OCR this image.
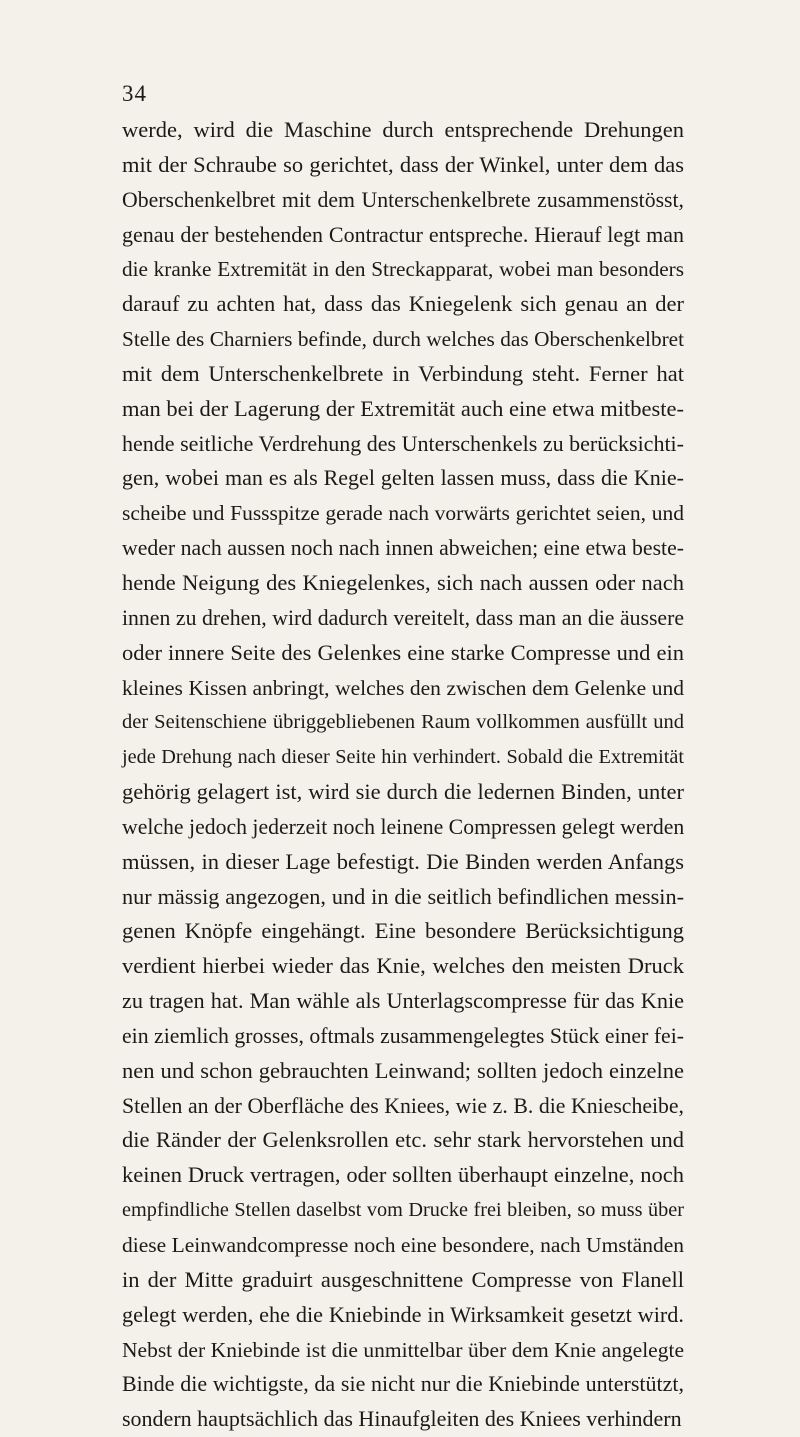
34
werde, wird die Maschine durch entsprechende Drehungen
mit der Schraube so gerichtet, dass der Winkel, unter dem das
Oberschenkelbret mit dem Unterschenkelbrete zusammenstösst,
genau der bestehenden Contractur entspreche. Hierauf legt man
die kranke Extremität in den Streckapparat, wobei man besonders
darauf zu achten hat, dass das Kniegelenk sich genau an der
Stelle des Charniers befinde, durch welches das Oberschenkelbret
mit dem Unterschenkelbrete in Verbindung steht. Ferner hat
man bei der Lagerung der Extremität auch eine etwa mitbeste-
hende seitliche Verdrehung des Unterschenkels zu berücksichti-
gen, wobei man es als Regel gelten lassen muss, dass die Knie-
scheibe und Fussspitze gerade nach vorwärts gerichtet seien, und
weder nach aussen noch nach innen abweichen; eine etwa beste-
hende Neigung des Kniegelenkes, sich nach aussen oder nach
innen zu drehen, wird dadurch vereitelt, dass man an die äussere
oder innere Seite des Gelenkes eine starke Compresse und ein
kleines Kissen anbringt, welches den zwischen dem Gelenke und
der Seitenschiene übriggebliebenen Raum vollkommen ausfüllt und
jede Drehung nach dieser Seite hin verhindert. Sobald die Extremität
gehörig gelagert ist, wird sie durch die ledernen Binden, unter
welche jedoch jederzeit noch leinene Compressen gelegt werden
müssen, in dieser Lage befestigt. Die Binden werden Anfangs
nur mässig angezogen, und in die seitlich befindlichen messin-
genen Knöpfe eingehängt. Eine besondere Berücksichtigung
verdient hierbei wieder das Knie, welches den meisten Druck
zu tragen hat. Man wähle als Unterlagscompresse für das Knie
ein ziemlich grosses, oftmals zusammengelegtes Stück einer fei-
nen und schon gebrauchten Leinwand; sollten jedoch einzelne
Stellen an der Oberfläche des Kniees, wie z. B. die Kniescheibe,
die Ränder der Gelenksrollen etc. sehr stark hervorstehen und
keinen Druck vertragen, oder sollten überhaupt einzelne, noch
empfindliche Stellen daselbst vom Drucke frei bleiben, so muss über
diese Leinwandcompresse noch eine besondere, nach Umständen
in der Mitte graduirt ausgeschnittene Compresse von Flanell
gelegt werden, ehe die Kniebinde in Wirksamkeit gesetzt wird.
Nebst der Kniebinde ist die unmittelbar über dem Knie angelegte
Binde die wichtigste, da sie nicht nur die Kniebinde unterstützt,
sondern hauptsächlich das Hinaufgleiten des Kniees verhindern
